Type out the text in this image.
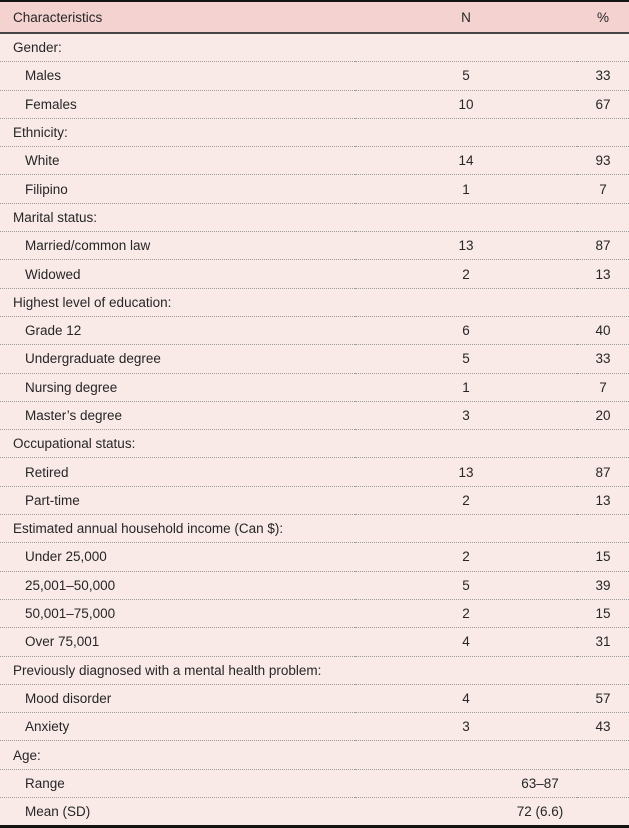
Characteristics	N	%
Gender:		
Males	5	33
Females	10	67
Ethnicity:		
White	14	93
Filipino	1	7
Marital status:		
Married/common law	13	87
Widowed	2	13
Highest level of education:		
Grade 12	6	40
Undergraduate degree	5	33
Nursing degree	1	7
Master’s degree	3	20
Occupational status:		
Retired	13	87
Part-time	2	13
Estimated annual household income (Can $):		
Under 25,000	2	15
25,001–50,000	5	39
50,001–75,000	2	15
Over 75,001	4	31
Previously diagnosed with a mental health problem:		
Mood disorder	4	57
Anxiety	3	43
Age:		
Range	63–87	
Mean (SD)	72 (6.6)	
